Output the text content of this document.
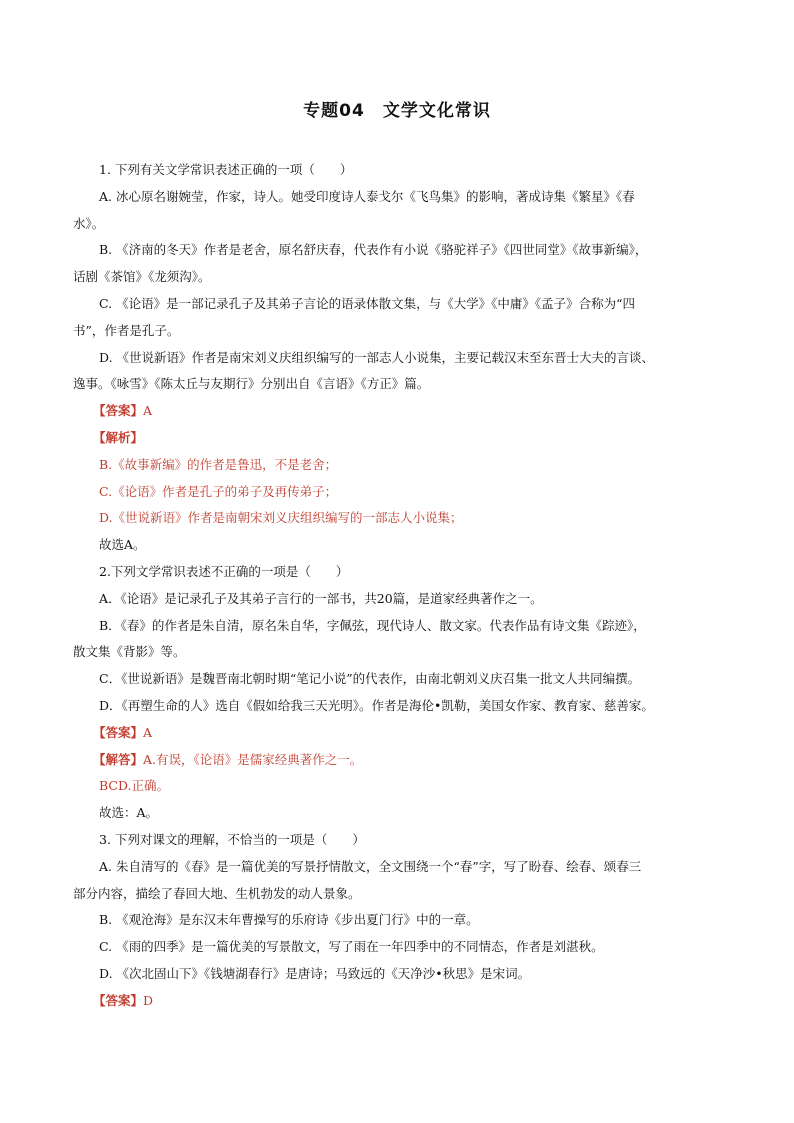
专题04 文学文化常识
1. 下列有关文学常识表述正确的一项（　　）
A. 冰心原名谢婉莹，作家，诗人。她受印度诗人泰戈尔《飞鸟集》的影响，著成诗集《繁星》《春
水》。
B. 《济南的冬天》作者是老舍，原名舒庆春，代表作有小说《骆驼祥子》《四世同堂》《故事新编》，
话剧《茶馆》《龙须沟》。
C. 《论语》是一部记录孔子及其弟子言论的语录体散文集，与《大学》《中庸》《孟子》合称为“四
书”，作者是孔子。
D. 《世说新语》作者是南宋刘义庆组织编写的一部志人小说集，主要记载汉末至东晋士大夫的言谈、
逸事。《咏雪》《陈太丘与友期行》分别出自《言语》《方正》篇。
【答案】A
【解析】
B.《故事新编》的作者是鲁迅，不是老舍；
C.《论语》作者是孔子的弟子及再传弟子；
D.《世说新语》作者是南朝宋刘义庆组织编写的一部志人小说集；
故选A。
2.下列文学常识表述不正确的一项是（　　）
A．《论语》是记录孔子及其弟子言行的一部书，共20篇，是道家经典著作之一。
B．《春》的作者是朱自清，原名朱自华，字佩弦，现代诗人、散文家。代表作品有诗文集《踪迹》，
散文集《背影》等。
C．《世说新语》是魏晋南北朝时期“笔记小说”的代表作，由南北朝刘义庆召集一批文人共同编撰。
D．《再塑生命的人》选自《假如给我三天光明》。作者是海伦•凯勒，美国女作家、教育家、慈善家。
【答案】A
【解答】A.有误，《论语》是儒家经典著作之一。
BCD.正确。
故选：A。
3. 下列对课文的理解，不恰当的一项是（　　）
A. 朱自清写的《春》是一篇优美的写景抒情散文，全文围绕一个“春”字，写了盼春、绘春、颂春三
部分内容，描绘了春回大地、生机勃发的动人景象。
B. 《观沧海》是东汉末年曹操写的乐府诗《步出夏门行》中的一章。
C. 《雨的四季》是一篇优美的写景散文，写了雨在一年四季中的不同情态，作者是刘湛秋。
D. 《次北固山下》《钱塘湖春行》是唐诗；马致远的《天净沙•秋思》是宋词。
【答案】D
